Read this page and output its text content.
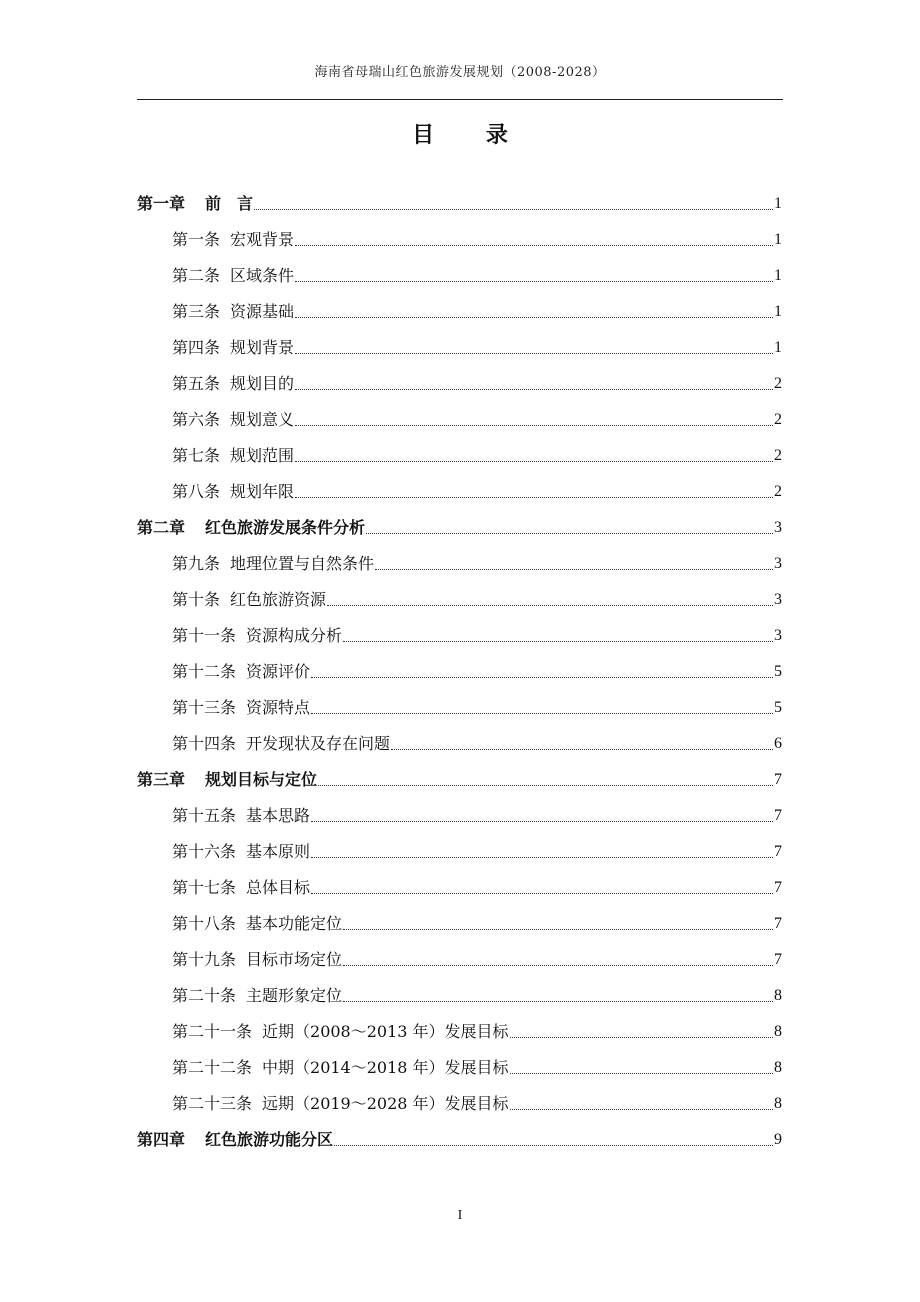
海南省母瑞山红色旅游发展规划（2008-2028）
目 录
第一章 前　言	1
第一条 宏观背景	1
第二条 区域条件	1
第三条 资源基础	1
第四条 规划背景	1
第五条 规划目的	2
第六条 规划意义	2
第七条 规划范围	2
第八条 规划年限	2
第二章 红色旅游发展条件分析	3
第九条 地理位置与自然条件	3
第十条 红色旅游资源	3
第十一条 资源构成分析	3
第十二条 资源评价	5
第十三条 资源特点	5
第十四条 开发现状及存在问题	6
第三章 规划目标与定位	7
第十五条 基本思路	7
第十六条 基本原则	7
第十七条 总体目标	7
第十八条 基本功能定位	7
第十九条 目标市场定位	7
第二十条 主题形象定位	8
第二十一条 近期（2008～2013 年）发展目标	8
第二十二条 中期（2014～2018 年）发展目标	8
第二十三条 远期（2019～2028 年）发展目标	8
第四章 红色旅游功能分区	9
I
